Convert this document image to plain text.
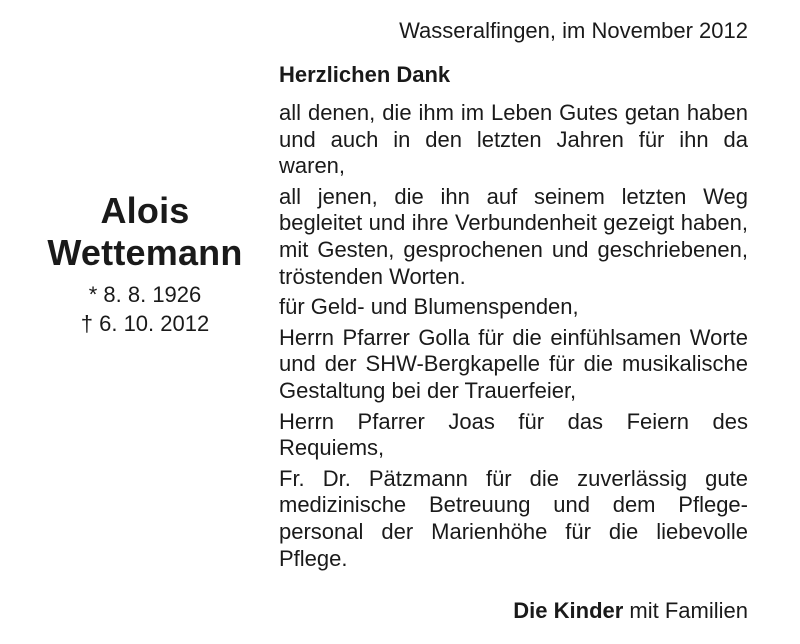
Wasseralfingen, im November 2012
Alois
Wettemann
* 8. 8. 1926
† 6. 10. 2012
Herzlichen Dank

all denen, die ihm im Leben Gutes getan haben und auch in den letzten Jahren für ihn da waren,

all jenen, die ihn auf seinem letzten Weg begleitet und ihre Verbundenheit gezeigt haben, mit Gesten, gesprochenen und geschriebenen, tröstenden Worten.

für Geld- und Blumenspenden,

Herrn Pfarrer Golla für die einfühlsamen Worte und der SHW-Bergkapelle für die musikalische Gestaltung bei der Trauerfeier,

Herrn Pfarrer Joas für das Feiern des Requiems,

Fr. Dr. Pätzmann für die zuverlässig gute medizinische Betreuung und dem Pflege-personal der Marienhöhe für die liebevolle Pflege.

Die Kinder mit Familien
